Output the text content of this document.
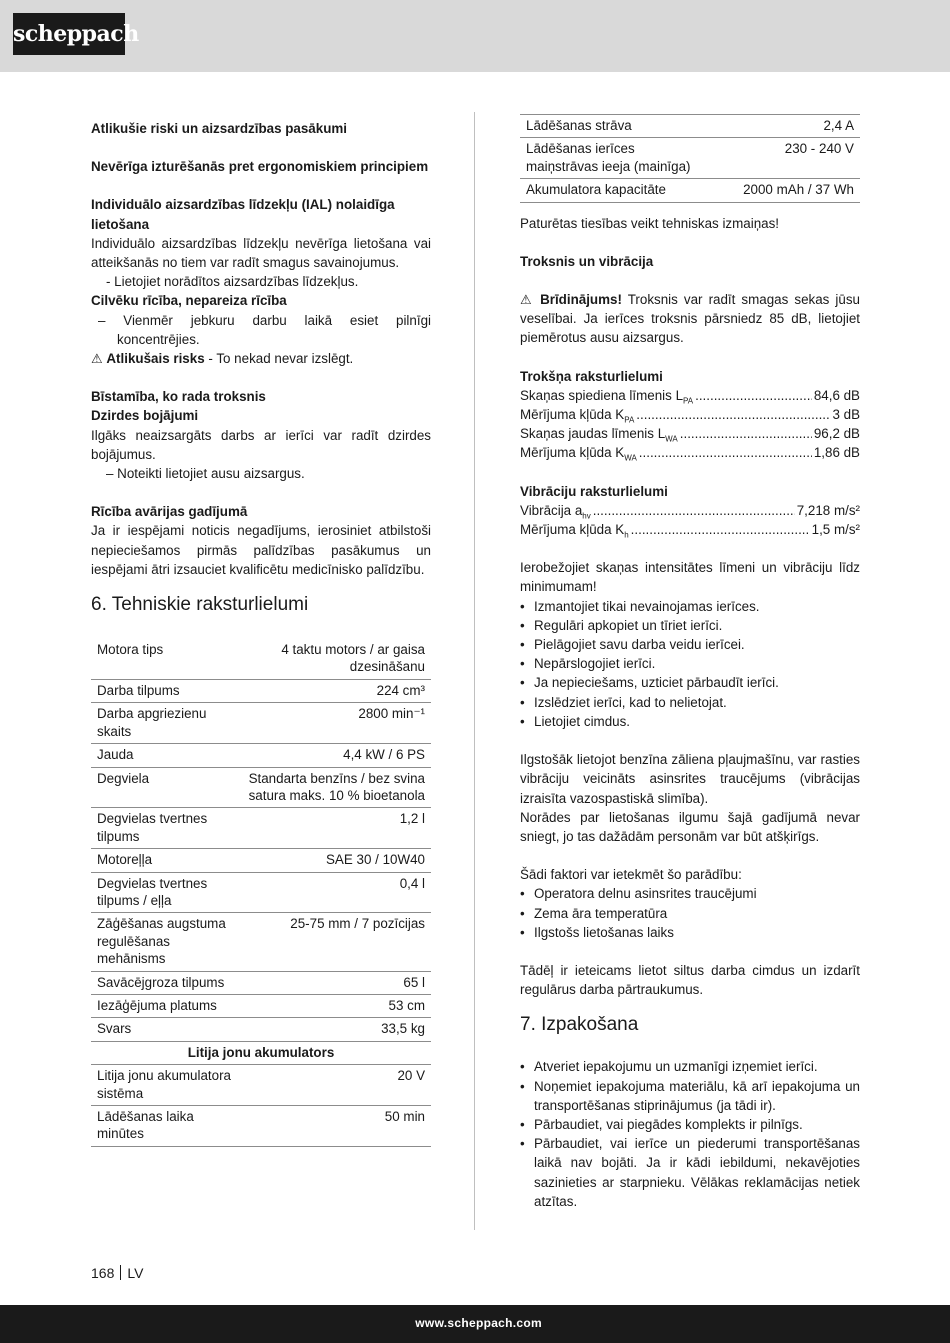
scheppach

Atlikušie riski un aizsardzības pasākumi

Nevērīga izturēšanās pret ergonomiskiem principiem

Individuālo aizsardzības līdzekļu (IAL) nolaidīga lietošana

Individuālo aizsardzības līdzekļu nevērīga lietošana vai atteikšanās no tiem var radīt smagus savainojumus.

- Lietojiet norādītos aizsardzības līdzekļus.

Cilvēku rīcība, nepareiza rīcība

– Vienmēr jebkuru darbu laikā esiet pilnīgi koncentrējies.

⚠ Atlikušais risks - To nekad nevar izslēgt.

Bīstamība, ko rada troksnis

Dzirdes bojājumi

Ilgāks neaizsargāts darbs ar ierīci var radīt dzirdes bojājumus.

– Noteikti lietojiet ausu aizsargus.

Rīcība avārijas gadījumā

Ja ir iespējami noticis negadījums, ierosiniet atbilstoši nepieciešamos pirmās palīdzības pasākumus un iespējami ātri izsauciet kvalificētu medicīnisko palīdzību.

6. Tehniskie raksturlielumi

Motora tips	4 taktu motors / ar gaisa dzesināšanu
Darba tilpums	224 cm³
Darba apgriezienu skaits	2800 min⁻¹
Jauda	4,4 kW / 6 PS
Degviela	Standarta benzīns / bez svina satura maks. 10 % bioetanola
Degvielas tvertnes tilpums	1,2 l
Motoreļļa	SAE 30 / 10W40
Degvielas tvertnes tilpums / eļļa	0,4 l
Zāģēšanas augstuma regulēšanas mehānisms	25-75 mm / 7 pozīcijas
Savācējgroza tilpums	65 l
Iezāģējuma platums	53 cm
Svars	33,5 kg
Litija jonu akumulators	
Litija jonu akumulatora sistēma	20 V
Lādēšanas laika minūtes	50 min
Lādēšanas strāva	2,4 A
Lādēšanas ierīces maiņstrāvas ieeja (mainīga)	230 - 240 V
Akumulatora kapacitāte	2000 mAh / 37 Wh

Paturētas tiesības veikt tehniskas izmaiņas!

Troksnis un vibrācija

⚠ Brīdinājums! Troksnis var radīt smagas sekas jūsu veselībai. Ja ierīces troksnis pārsniedz 85 dB, lietojiet piemērotus ausu aizsargus.

Trokšņa raksturlielumi

Skaņas spiediena līmenis $L_{PA}$ .....	84,6 dB
Mērījuma kļūda $K_{PA}$ .....	3 dB
Skaņas jaudas līmenis $L_{WA}$ .....	96,2 dB
Mērījuma kļūda $K_{WA}$ .....	1,86 dB

Vibrāciju raksturlielumi

Vibrācija $a_{hv}$ .....	7,218 m/s²
Mērījuma kļūda $K_h$ .....	1,5 m/s²

Ierobežojiet skaņas intensitātes līmeni un vibrāciju līdz minimumam!

• Izmantojiet tikai nevainojamas ierīces.
• Regulāri apkopiet un tīriet ierīci.
• Pielāgojiet savu darba veidu ierīcei.
• Nepārslogojiet ierīci.
• Ja nepieciešams, uzticiet pārbaudīt ierīci.
• Izslēdziet ierīci, kad to nelietojat.
• Lietojiet cimdus.

Ilgstošāk lietojot benzīna zāliena pļaujmašīnu, var rasties vibrāciju veicināts asinsrites traucējums (vibrācijas izraisīta vazospastiskā slimība).

Norādes par lietošanas ilgumu šajā gadījumā nevar sniegt, jo tas dažādām personām var būt atšķirīgs.

Šādi faktori var ietekmēt šo parādību:

• Operatora delnu asinsrites traucējumi
• Zema āra temperatūra
• Ilgstošs lietošanas laiks

Tādēļ ir ieteicams lietot siltus darba cimdus un izdarīt regulārus darba pārtraukumus.

7. Izpakošana

• Atveriet iepakojumu un uzmanīgi izņemiet ierīci.
• Noņemiet iepakojuma materiālu, kā arī iepakojuma un transportēšanas stiprinājumus (ja tādi ir).
• Pārbaudiet, vai piegādes komplekts ir pilnīgs.
• Pārbaudiet, vai ierīce un piederumi transportēšanas laikā nav bojāti. Ja ir kādi iebildumi, nekavējoties sazinieties ar starpnieku. Vēlākas reklamācijas netiek atzītas.
168 LV
www.scheppach.com
